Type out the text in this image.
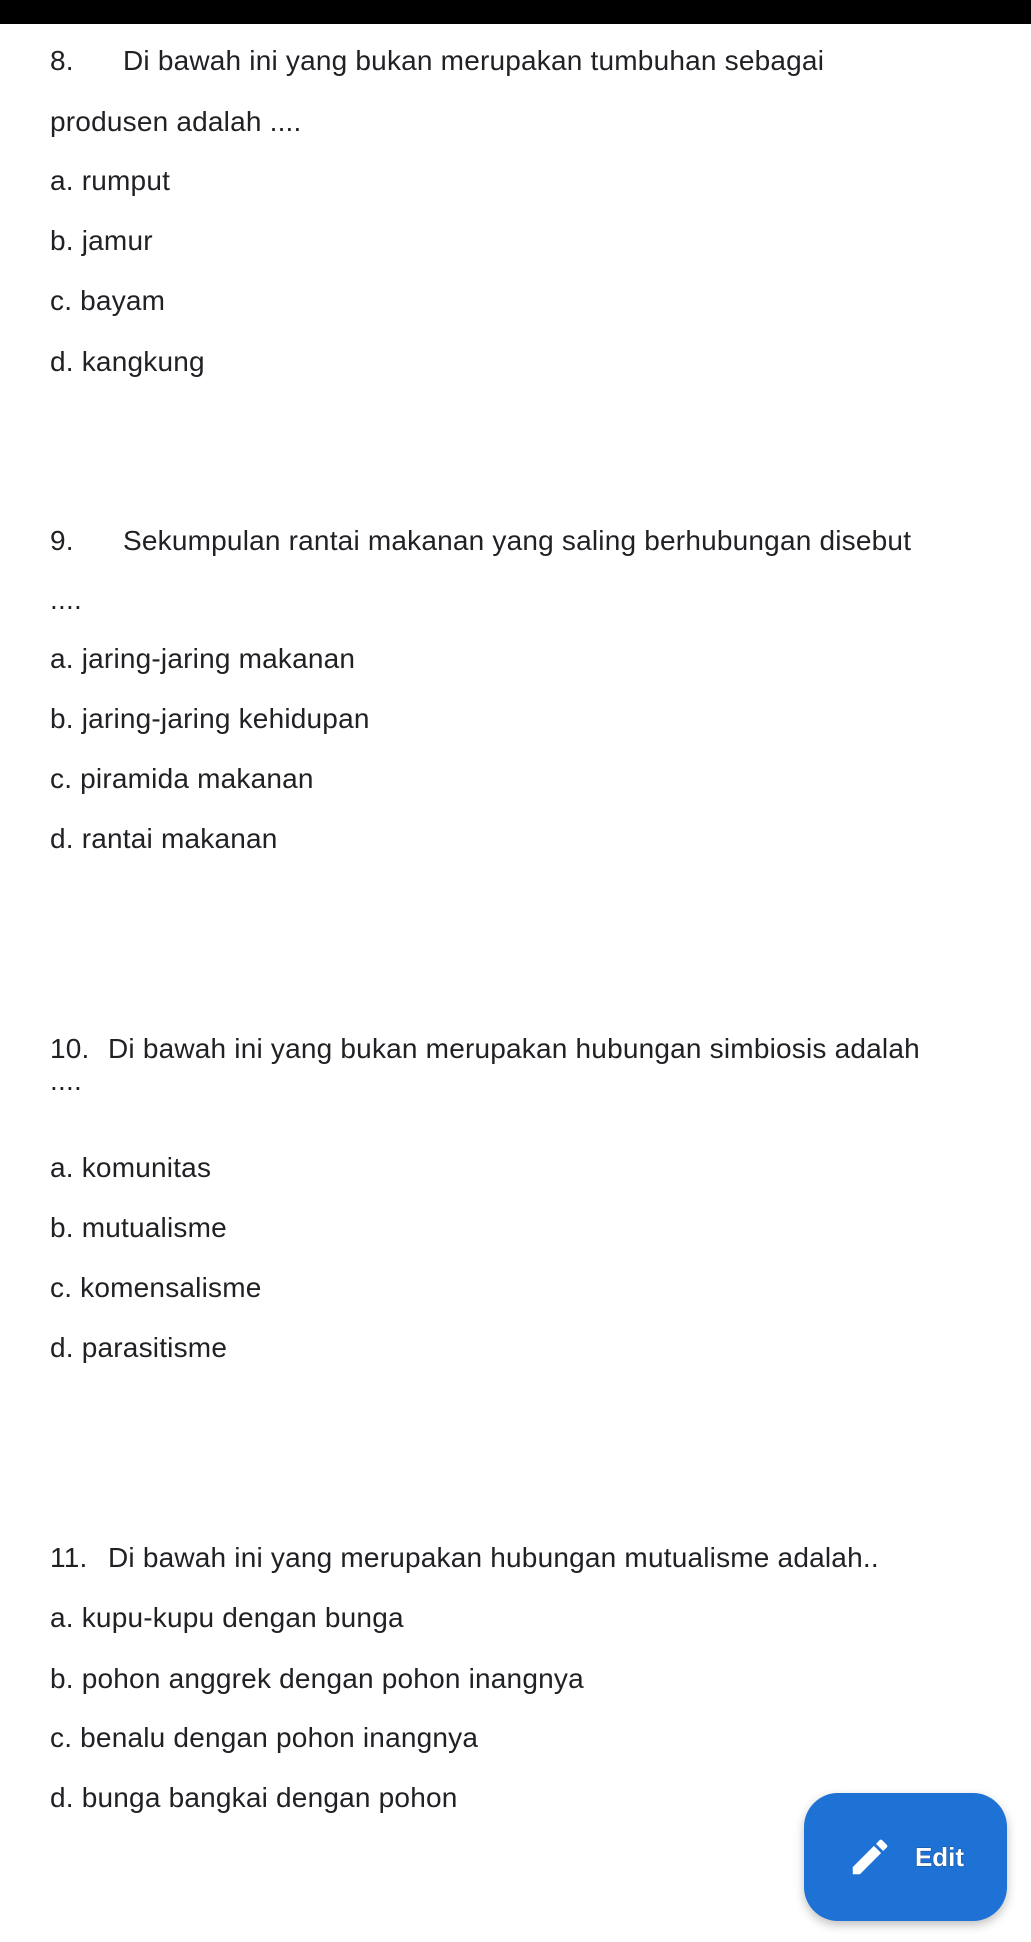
8. Di bawah ini yang bukan merupakan tumbuhan sebagai
produsen adalah ....
a. rumput
b. jamur
c. bayam
d. kangkung
9. Sekumpulan rantai makanan yang saling berhubungan disebut
....
a. jaring-jaring makanan
b. jaring-jaring kehidupan
c. piramida makanan
d. rantai makanan
10. Di bawah ini yang bukan merupakan hubungan simbiosis adalah
....
a. komunitas
b. mutualisme
c. komensalisme
d. parasitisme
11. Di bawah ini yang merupakan hubungan mutualisme adalah..
a. kupu-kupu dengan bunga
b. pohon anggrek dengan pohon inangnya
c. benalu dengan pohon inangnya
d. bunga bangkai dengan pohon
Edit
